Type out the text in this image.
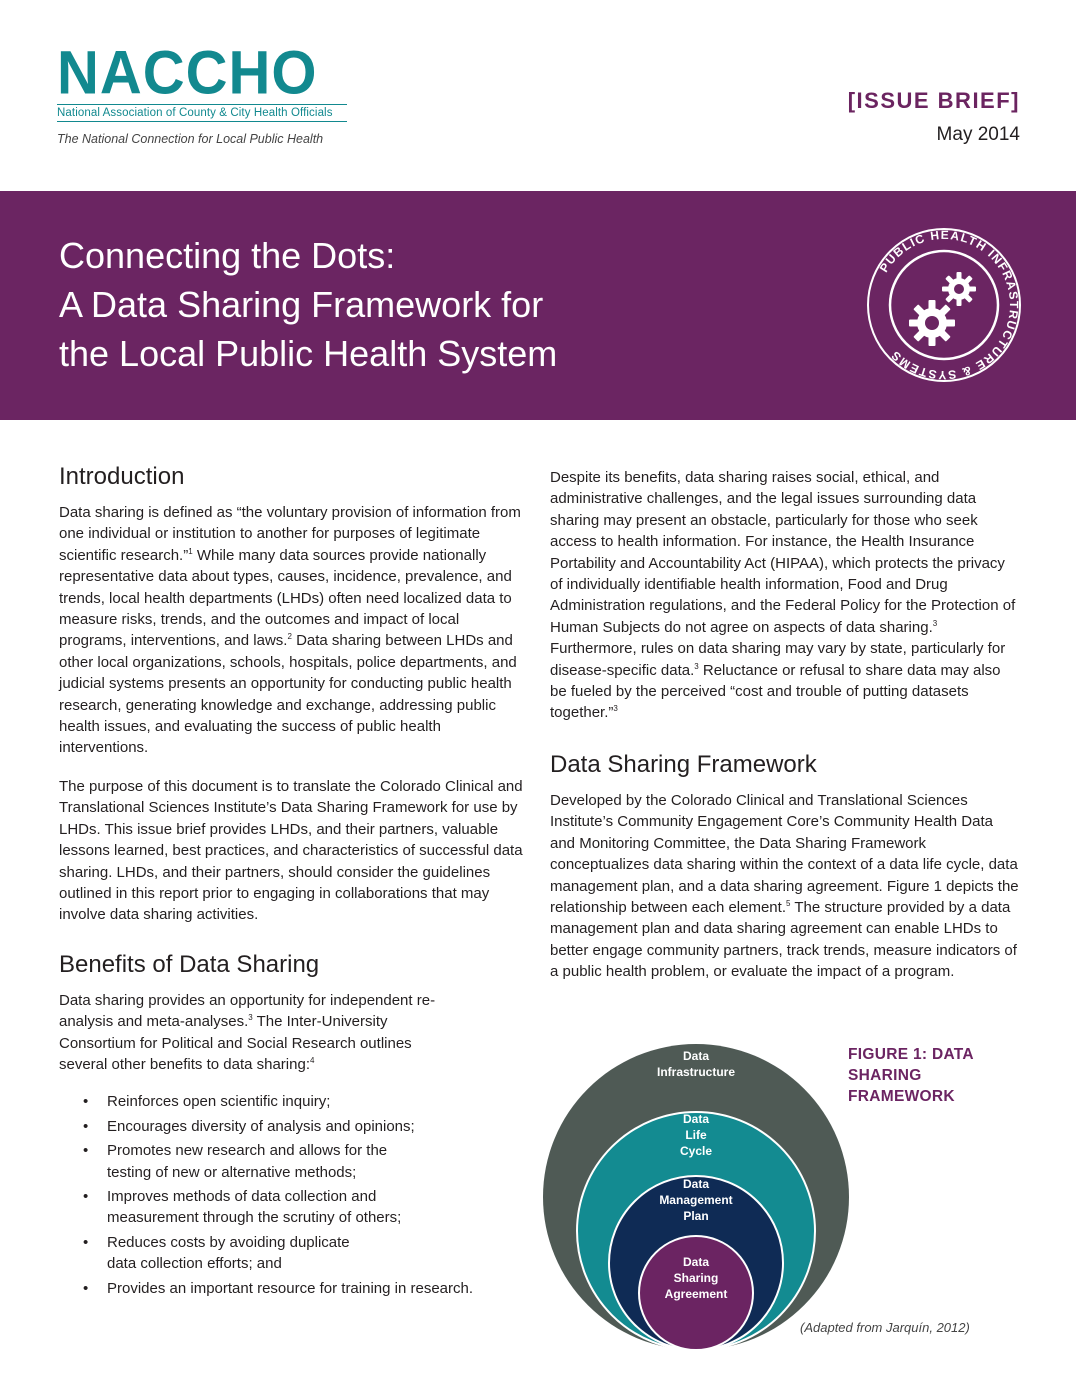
NACCHO
National Association of County & City Health Officials
The National Connection for Local Public Health
[ISSUE BRIEF]
May 2014
Connecting the Dots:
A Data Sharing Framework for
the Local Public Health System
PUBLIC HEALTH INFRASTRUCTURE & SYSTEMS
Introduction

Data sharing is defined as “the voluntary provision of information from one individual or institution to another for purposes of legitimate scientific research.”$^1$ While many data sources provide nationally representative data about types, causes, incidence, prevalence, and trends, local health departments (LHDs) often need localized data to measure risks, trends, and the outcomes and impact of local programs, interventions, and laws.$^2$ Data sharing between LHDs and other local organizations, schools, hospitals, police departments, and judicial systems presents an opportunity for conducting public health research, generating knowledge and exchange, addressing public health issues, and evaluating the success of public health interventions.

The purpose of this document is to translate the Colorado Clinical and Translational Sciences Institute’s Data Sharing Framework for use by LHDs. This issue brief provides LHDs, and their partners, valuable lessons learned, best practices, and characteristics of successful data sharing. LHDs, and their partners, should consider the guidelines outlined in this report prior to engaging in collaborations that may involve data sharing activities.

Benefits of Data Sharing

Data sharing provides an opportunity for independent re-analysis and meta-analyses.$^3$ The Inter-University Consortium for Political and Social Research outlines several other benefits to data sharing:$^4$

• Reinforces open scientific inquiry;
• Encourages diversity of analysis and opinions;
• Promotes new research and allows for the testing of new or alternative methods;
• Improves methods of data collection and measurement through the scrutiny of others;
• Reduces costs by avoiding duplicate data collection efforts; and
• Provides an important resource for training in research.

Despite its benefits, data sharing raises social, ethical, and administrative challenges, and the legal issues surrounding data sharing may present an obstacle, particularly for those who seek access to health information. For instance, the Health Insurance Portability and Accountability Act (HIPAA), which protects the privacy of individually identifiable health information, Food and Drug Administration regulations, and the Federal Policy for the Protection of Human Subjects do not agree on aspects of data sharing.$^3$ Furthermore, rules on data sharing may vary by state, particularly for disease-specific data.$^3$ Reluctance or refusal to share data may also be fueled by the perceived “cost and trouble of putting datasets together.”$^3$

Data Sharing Framework

Developed by the Colorado Clinical and Translational Sciences Institute’s Community Engagement Core’s Community Health Data and Monitoring Committee, the Data Sharing Framework conceptualizes data sharing within the context of a data life cycle, data management plan, and a data sharing agreement. Figure 1 depicts the relationship between each element.$^5$ The structure provided by a data management plan and data sharing agreement can enable LHDs to better engage community partners, track trends, measure indicators of a public health problem, or evaluate the impact of a program.

Data
Infrastructure
Data
Life
Cycle
Data
Management
Plan
Data
Sharing
Agreement
FIGURE 1: DATA SHARING FRAMEWORK
(Adapted from Jarquín, 2012)
